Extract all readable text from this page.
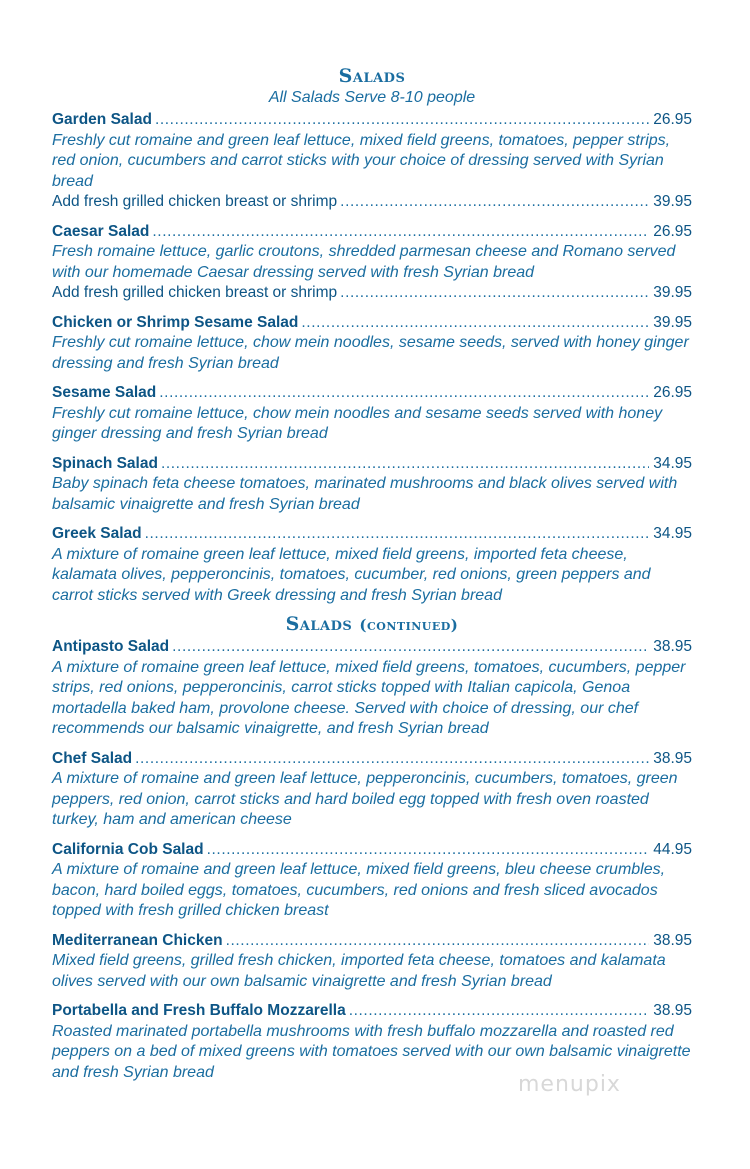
Salads

All Salads Serve 8-10 people

Garden Salad .....	26.95

Freshly cut romaine and green leaf lettuce, mixed field greens, tomatoes, pepper strips, red onion, cucumbers and carrot sticks with your choice of dressing served with Syrian bread

Add fresh grilled chicken breast or shrimp .....	39.95
Caesar Salad .....	26.95

Fresh romaine lettuce, garlic croutons, shredded parmesan cheese and Romano served with our homemade Caesar dressing served with fresh Syrian bread

Add fresh grilled chicken breast or shrimp .....	39.95
Chicken or Shrimp Sesame Salad .....	39.95

Freshly cut romaine lettuce, chow mein noodles, sesame seeds, served with honey ginger dressing and fresh Syrian bread

Sesame Salad .....	26.95

Freshly cut romaine lettuce, chow mein noodles and sesame seeds served with honey ginger dressing and fresh Syrian bread

Spinach Salad .....	34.95

Baby spinach feta cheese tomatoes, marinated mushrooms and black olives served with balsamic vinaigrette and fresh Syrian bread

Greek Salad .....	34.95

A mixture of romaine green leaf lettuce, mixed field greens, imported feta cheese, kalamata olives, pepperoncinis, tomatoes, cucumber, red onions, green peppers and carrot sticks served with Greek dressing and fresh Syrian bread

Salads (continued)
Antipasto Salad .....	38.95

A mixture of romaine green leaf lettuce, mixed field greens, tomatoes, cucumbers, pepper strips, red onions, pepperoncinis, carrot sticks topped with Italian capicola, Genoa mortadella baked ham, provolone cheese. Served with choice of dressing, our chef recommends our balsamic vinaigrette, and fresh Syrian bread

Chef Salad .....	38.95

A mixture of romaine and green leaf lettuce, pepperoncinis, cucumbers, tomatoes, green peppers, red onion, carrot sticks and hard boiled egg topped with fresh oven roasted turkey, ham and american cheese

California Cob Salad .....	44.95

A mixture of romaine and green leaf lettuce, mixed field greens, bleu cheese crumbles, bacon, hard boiled eggs, tomatoes, cucumbers, red onions and fresh sliced avocados topped with fresh grilled chicken breast

Mediterranean Chicken .....	38.95

Mixed field greens, grilled fresh chicken, imported feta cheese, tomatoes and kalamata olives served with our own balsamic vinaigrette and fresh Syrian bread

Portabella and Fresh Buffalo Mozzarella .....	38.95

Roasted marinated portabella mushrooms with fresh buffalo mozzarella and roasted red peppers on a bed of mixed greens with tomatoes served with our own balsamic vinaigrette and fresh Syrian bread	menupix
